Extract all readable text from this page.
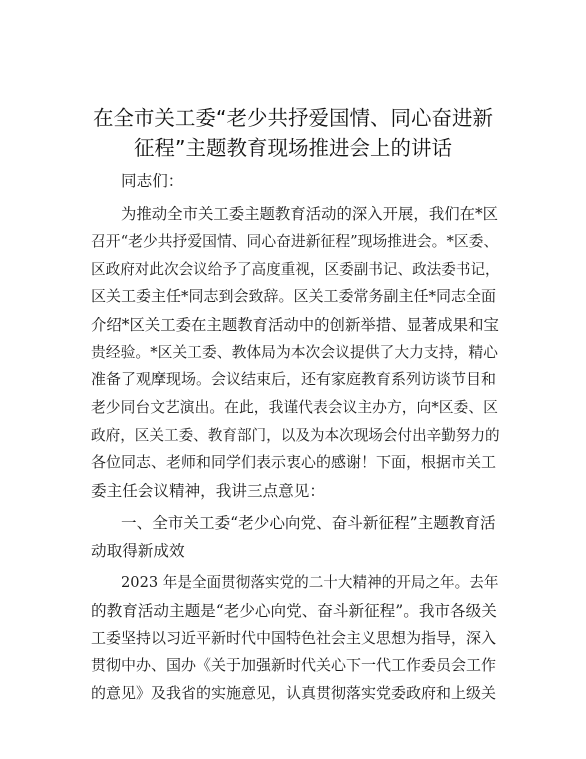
在全市关工委“老少共抒爱国情、同心奋进新
征程”主题教育现场推进会上的讲话
同志们：
为推动全市关工委主题教育活动的深入开展，我们在*区
召开“老少共抒爱国情、同心奋进新征程”现场推进会。*区委、
区政府对此次会议给予了高度重视，区委副书记、政法委书记，
区关工委主任*同志到会致辞。区关工委常务副主任*同志全面
介绍*区关工委在主题教育活动中的创新举措、显著成果和宝
贵经验。*区关工委、教体局为本次会议提供了大力支持，精心
准备了观摩现场。会议结束后，还有家庭教育系列访谈节目和
老少同台文艺演出。在此，我谨代表会议主办方，向*区委、区
政府，区关工委、教育部门，以及为本次现场会付出辛勤努力的
各位同志、老师和同学们表示衷心的感谢！下面，根据市关工
委主任会议精神，我讲三点意见：
一、全市关工委“老少心向党、奋斗新征程”主题教育活
动取得新成效
2023 年是全面贯彻落实党的二十大精神的开局之年。去年
的教育活动主题是“老少心向党、奋斗新征程”。我市各级关
工委坚持以习近平新时代中国特色社会主义思想为指导，深入
贯彻中办、国办《关于加强新时代关心下一代工作委员会工作
的意见》及我省的实施意见，认真贯彻落实党委政府和上级关
